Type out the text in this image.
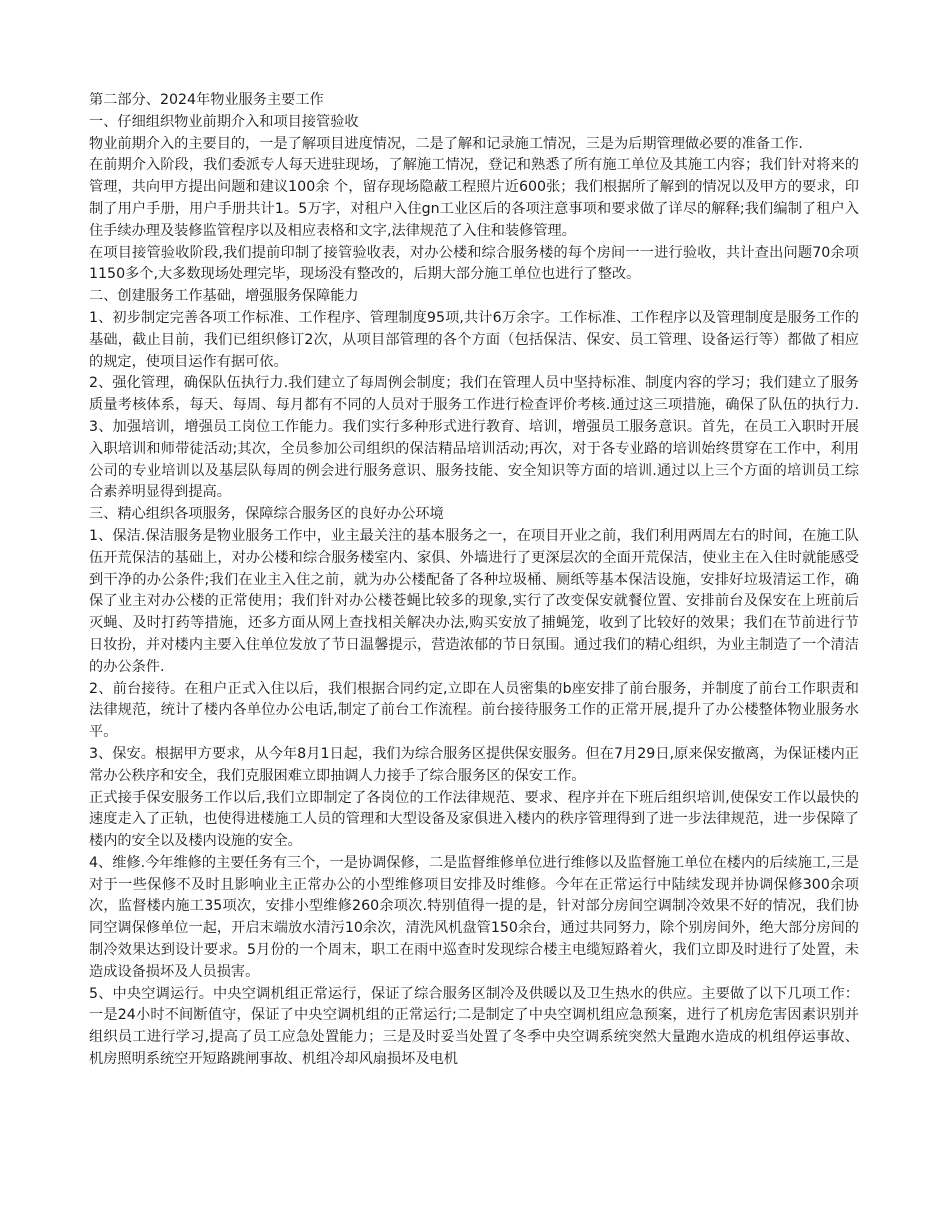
第二部分、2024年物业服务主要工作

一、仔细组织物业前期介入和项目接管验收

物业前期介入的主要目的，一是了解项目进度情况，二是了解和记录施工情况，三是为后期管理做必要的准备工作.

在前期介入阶段，我们委派专人每天进驻现场，了解施工情况，登记和熟悉了所有施工单位及其施工内容；我们针对将来的管理，共向甲方提出问题和建议100余 个，留存现场隐蔽工程照片近600张；我们根据所了解到的情况以及甲方的要求，印制了用户手册，用户手册共计1。5万字，对租户入住gn工业区后的各项注意事项和要求做了详尽的解释;我们编制了租户入住手续办理及装修监管程序以及相应表格和文字,法律规范了入住和装修管理。

在项目接管验收阶段,我们提前印制了接管验收表，对办公楼和综合服务楼的每个房间一一进行验收，共计查出问题70余项1150多个,大多数现场处理完毕，现场没有整改的，后期大部分施工单位也进行了整改。

二、创建服务工作基础，增强服务保障能力

1、初步制定完善各项工作标准、工作程序、管理制度95项,共计6万余字。工作标准、工作程序以及管理制度是服务工作的基础，截止目前，我们已组织修订2次，从项目部管理的各个方面（包括保洁、保安、员工管理、设备运行等）都做了相应的规定，使项目运作有据可依。

2、强化管理，确保队伍执行力.我们建立了每周例会制度；我们在管理人员中坚持标准、制度内容的学习；我们建立了服务质量考核体系，每天、每周、每月都有不同的人员对于服务工作进行检查评价考核.通过这三项措施，确保了队伍的执行力. 3、加强培训，增强员工岗位工作能力。我们实行多种形式进行教育、培训，增强员工服务意识。首先，在员工入职时开展入职培训和师带徒活动;其次，全员参加公司组织的保洁精品培训活动;再次，对于各专业路的培训始终贯穿在工作中，利用公司的专业培训以及基层队每周的例会进行服务意识、服务技能、安全知识等方面的培训.通过以上三个方面的培训员工综合素养明显得到提高。

三、精心组织各项服务，保障综合服务区的良好办公环境

1、保洁.保洁服务是物业服务工作中，业主最关注的基本服务之一，在项目开业之前，我们利用两周左右的时间，在施工队伍开荒保洁的基础上，对办公楼和综合服务楼室内、家俱、外墙进行了更深层次的全面开荒保洁，使业主在入住时就能感受到干净的办公条件;我们在业主入住之前，就为办公楼配备了各种垃圾桶、厕纸等基本保洁设施，安排好垃圾清运工作，确保了业主对办公楼的正常使用；我们针对办公楼苍蝇比较多的现象,实行了改变保安就餐位置、安排前台及保安在上班前后灭蝇、及时打药等措施，还多方面从网上查找相关解决办法,购买安放了捕蝇笼，收到了比较好的效果；我们在节前进行节日妆扮，并对楼内主要入住单位发放了节日温馨提示，营造浓郁的节日氛围。通过我们的精心组织，为业主制造了一个清洁的办公条件.

2、前台接待。在租户正式入住以后，我们根据合同约定,立即在人员密集的b座安排了前台服务，并制度了前台工作职责和法律规范，统计了楼内各单位办公电话,制定了前台工作流程。前台接待服务工作的正常开展,提升了办公楼整体物业服务水平。

3、保安。根据甲方要求，从今年8月1日起，我们为综合服务区提供保安服务。但在7月29日,原来保安撤离，为保证楼内正常办公秩序和安全，我们克服困难立即抽调人力接手了综合服务区的保安工作。

正式接手保安服务工作以后,我们立即制定了各岗位的工作法律规范、要求、程序并在下班后组织培训,使保安工作以最快的速度走入了正轨，也使得进楼施工人员的管理和大型设备及家俱进入楼内的秩序管理得到了进一步法律规范，进一步保障了楼内的安全以及楼内设施的安全。

4、维修.今年维修的主要任务有三个，一是协调保修，二是监督维修单位进行维修以及监督施工单位在楼内的后续施工,三是对于一些保修不及时且影响业主正常办公的小型维修项目安排及时维修。今年在正常运行中陆续发现并协调保修300余项次，监督楼内施工35项次，安排小型维修260余项次.特别值得一提的是，针对部分房间空调制冷效果不好的情况，我们协同空调保修单位一起，开启末端放水清污10余次，清洗风机盘管150余台，通过共同努力，除个别房间外，绝大部分房间的制冷效果达到设计要求。5月份的一个周末，职工在雨中巡查时发现综合楼主电缆短路着火，我们立即及时进行了处置，未造成设备损坏及人员损害。

5、中央空调运行。中央空调机组正常运行，保证了综合服务区制冷及供暖以及卫生热水的供应。主要做了以下几项工作：一是24小时不间断值守，保证了中央空调机组的正常运行;二是制定了中央空调机组应急预案，进行了机房危害因素识别并组织员工进行学习,提高了员工应急处置能力；三是及时妥当处置了冬季中央空调系统突然大量跑水造成的机组停运事故、机房照明系统空开短路跳闸事故、机组冷却风扇损坏及电机
